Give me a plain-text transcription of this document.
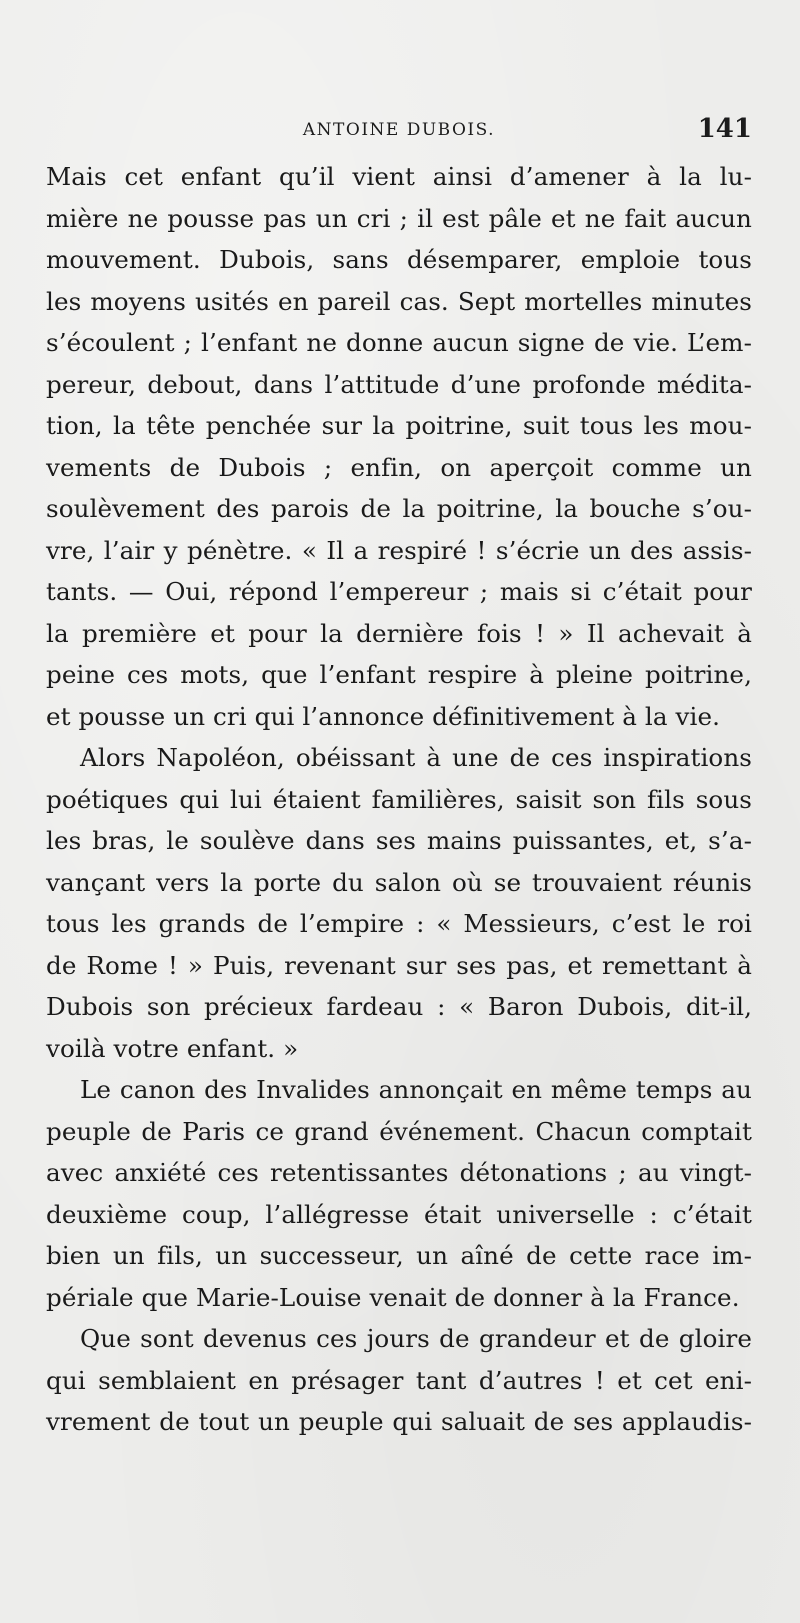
ANTOINE DUBOIS.	141
Mais cet enfant qu’il vient ainsi d’amener à la lu-
mière ne pousse pas un cri ; il est pâle et ne fait aucun
mouvement. Dubois, sans désemparer, emploie tous
les moyens usités en pareil cas. Sept mortelles minutes
s’écoulent ; l’enfant ne donne aucun signe de vie. L’em-
pereur, debout, dans l’attitude d’une profonde médita-
tion, la tête penchée sur la poitrine, suit tous les mou-
vements de Dubois ; enfin, on aperçoit comme un
soulèvement des parois de la poitrine, la bouche s’ou-
vre, l’air y pénètre. « Il a respiré ! s’écrie un des assis-
tants. — Oui, répond l’empereur ; mais si c’était pour
la première et pour la dernière fois ! » Il achevait à
peine ces mots, que l’enfant respire à pleine poitrine,
et pousse un cri qui l’annonce définitivement à la vie.
Alors Napoléon, obéissant à une de ces inspirations
poétiques qui lui étaient familières, saisit son fils sous
les bras, le soulève dans ses mains puissantes, et, s’a-
vançant vers la porte du salon où se trouvaient réunis
tous les grands de l’empire : « Messieurs, c’est le roi
de Rome ! » Puis, revenant sur ses pas, et remettant à
Dubois son précieux fardeau : « Baron Dubois, dit-il,
voilà votre enfant. »
Le canon des Invalides annonçait en même temps au
peuple de Paris ce grand événement. Chacun comptait
avec anxiété ces retentissantes détonations ; au vingt-
deuxième coup, l’allégresse était universelle : c’était
bien un fils, un successeur, un aîné de cette race im-
périale que Marie-Louise venait de donner à la France.
Que sont devenus ces jours de grandeur et de gloire
qui semblaient en présager tant d’autres ! et cet eni-
vrement de tout un peuple qui saluait de ses applaudis-
